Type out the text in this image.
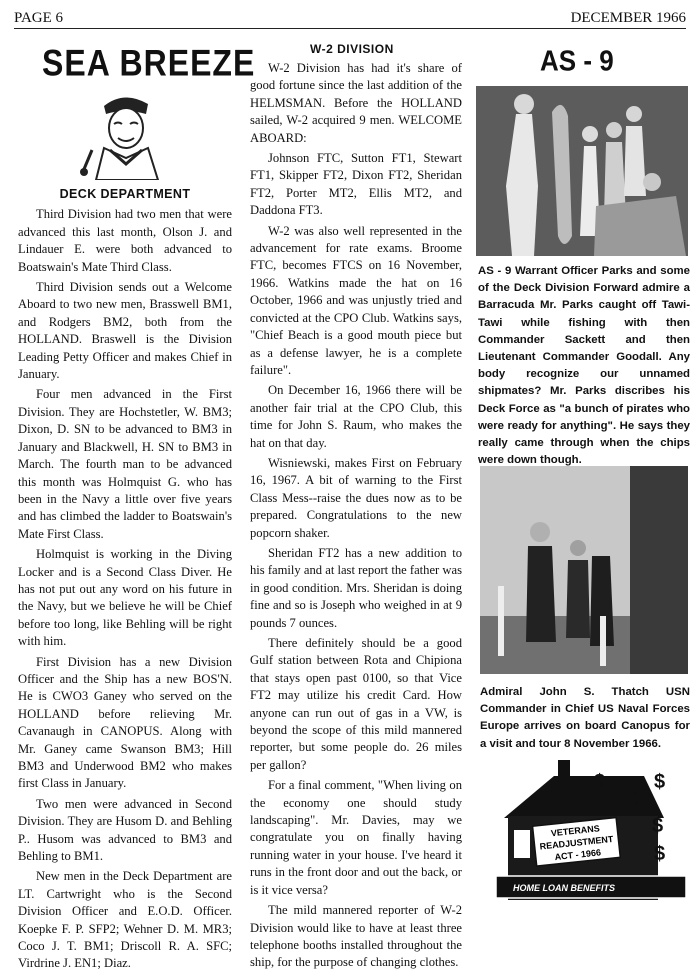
PAGE 6	DECEMBER 1966
SEA BREEZE	W-2 DIVISION	AS - 9

DECK DEPARTMENT

Third Division had two men that were advanced this last month, Olson J. and Lindauer E. were both advanced to Boatswain's Mate Third Class.

Third Division sends out a Welcome Aboard to two new men, Brasswell BM1, and Rodgers BM2, both from the HOLLAND. Braswell is the Division Leading Petty Officer and makes Chief in January.

Four men advanced in the First Division. They are Hochstetler, W. BM3; Dixon, D. SN to be advanced to BM3 in January and Blackwell, H. SN to BM3 in March. The fourth man to be advanced this month was Holmquist G. who has been in the Navy a little over five years and has climbed the ladder to Boatswain's Mate First Class.

Holmquist is working in the Diving Locker and is a Second Class Diver. He has not put out any word on his future in the Navy, but we believe he will be Chief before too long, like Behling will be right with him.

First Division has a new Division Officer and the Ship has a new BOS'N. He is CWO3 Ganey who served on the HOLLAND before relieving Mr. Cavanaugh in CANOPUS. Along with Mr. Ganey came Swanson BM3; Hill BM3 and Underwood BM2 who makes first Class in January.

Two men were advanced in Second Division. They are Husom D. and Behling P.. Husom was advanced to BM3 and Behling to BM1.

New men in the Deck Department are LT. Cartwright who is the Second Division Officer and E.O.D. Officer. Koepke F. P. SFP2; Wehner D. M. MR3; Coco J. T. BM1; Driscoll R. A. SFC; Virdrine J. EN1; Diaz.

W-2 Division has had it's share of good fortune since the last addition of the HELMSMAN. Before the HOLLAND sailed, W-2 acquired 9 men. WELCOME ABOARD:

Johnson FTC, Sutton FT1, Stewart FT1, Skipper FT2, Dixon FT2, Sheridan FT2, Porter MT2, Ellis MT2, and Daddona FT3.

W-2 was also well represented in the advancement for rate exams. Broome FTC, becomes FTCS on 16 November, 1966. Watkins made the hat on 16 October, 1966 and was unjustly tried and convicted at the CPO Club. Watkins says, "Chief Beach is a good mouth piece but as a defense lawyer, he is a complete failure".

On December 16, 1966 there will be another fair trial at the CPO Club, this time for John S. Raum, who makes the hat on that day.

Wisniewski, makes First on February 16, 1967. A bit of warning to the First Class Mess--raise the dues now as to be prepared. Congratulations to the new popcorn shaker.

Sheridan FT2 has a new addition to his family and at last report the father was in good condition. Mrs. Sheridan is doing fine and so is Joseph who weighed in at 9 pounds 7 ounces.

There definitely should be a good Gulf station between Rota and Chipiona that stays open past 0100, so that Vice FT2 may utilize his credit Card. How anyone can run out of gas in a VW, is beyond the scope of this mild mannered reporter, but some people do. 26 miles per gallon?

For a final comment, "When living on the economy one should study landscaping". Mr. Davies, may we congratulate you on finally having running water in your house. I've heard it runs in the front door and out the back, or is it vice versa?

The mild mannered reporter of W-2 Division would like to have at least three telephone booths installed throughout the ship, for the purpose of changing clothes.

AS - 9 Warrant Officer Parks and some of the Deck Division Forward admire a Barracuda Mr. Parks caught off Tawi-Tawi while fishing with then Commander Sackett and then Lieutenant Commander Goodall. Any body recognize our unnamed shipmates? Mr. Parks discribes his Deck Force as "a bunch of pirates who were ready for anything". He says they really came through when the chips were down though.
Admiral John S. Thatch USN Commander in Chief US Naval Forces Europe arrives on board Canopus for a visit and tour 8 November 1966.
VETERANS
READJUSTMENT
ACT - 1966
HOME LOAN BENEFITS
$
$
$
$
$
